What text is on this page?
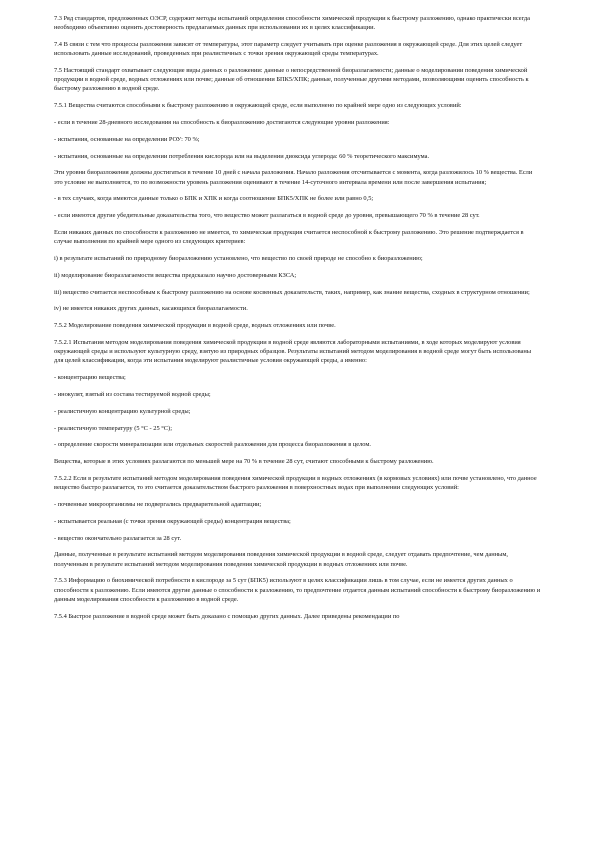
7.3 Ряд стандартов, предложенных ОЭСР, содержит методы испытаний определения способности химической продукции к быстрому разложению, однако практически всегда необходимо объективно оценить достоверность предлагаемых данных при использовании их в целях классификации.

7.4 В связи с тем что процессы разложения зависят от температуры, этот параметр следует учитывать при оценке разложения в окружающей среде. Для этих целей следует использовать данные исследований, проведенных при реалистичных с точки зрения окружающей среды температурах.

7.5 Настоящий стандарт охватывает следующие виды данных о разложении: данные о непосредственной биоразлагаемости; данные о моделировании поведения химической продукции в водной среде, водных отложениях или почве; данные об отношении БПК5/ХПК; данные, полученные другими методами, позволяющими оценить способность к быстрому разложению в водной среде.

7.5.1 Вещества считаются способными к быстрому разложению в окружающей среде, если выполнено по крайней мере одно из следующих условий:

- если в течение 28-дневного исследования на способность к биоразложению достигаются следующие уровни разложения:

- испытания, основанные на определении РОУ: 70 %;

- испытания, основанные на определении потребления кислорода или на выделении диоксида углерода: 60 % теоретического максимума.

Эти уровни биоразложения должны достигаться в течение 10 дней с начала разложения. Начало разложения отсчитывается с момента, когда разложилось 10 % вещества. Если это условие не выполняется, то по возможности уровень разложения оценивают в течение 14-суточного интервала времени или после завершения испытания;

- в тех случаях, когда имеются данные только о БПК и ХПК и когда соотношение БПК5/ХПК не более или равно 0,5;

- если имеются другие убедительные доказательства того, что вещество может разлагаться в водной среде до уровня, превышающего 70 % в течение 28 сут.

Если никаких данных по способности к разложению не имеется, то химическая продукция считается неспособной к быстрому разложению. Это решение подтверждается в случае выполнения по крайней мере одного из следующих критериев:

i) в результате испытаний по природному биоразложению установлено, что вещество по своей природе не способно к биоразложению;

ii) моделирование биоразлагаемости вещества предсказало научно достоверными КЗСА;

iii) вещество считается неспособным к быстрому разложению на основе косвенных доказательств, таких, например, как знание вещества, сходных в структурном отношении;

iv) не имеется никаких других данных, касающихся биоразлагаемости.

7.5.2 Моделирование поведения химической продукции в водной среде, водных отложениях или почве.

7.5.2.1 Испытания методом моделирования поведения химической продукции в водной среде являются лабораторными испытаниями, в ходе которых моделируют условия окружающей среды и используют культурную среду, взятую из природных образцов. Результаты испытаний методом моделирования в водной среде могут быть использованы для целей классификации, когда эти испытания моделируют реалистичные условия окружающей среды, а именно:

- концентрацию вещества;

- инокулят, взятый из состава тестируемой водной среды;

- реалистичную концентрацию культурной среды;

- реалистичную температуру (5 °С - 25 °С);

- определение скорости минерализации или отдельных скоростей разложения для процесса биоразложения в целом.

Вещества, которые в этих условиях разлагаются по меньшей мере на 70 % в течение 28 сут, считают способными к быстрому разложению.

7.5.2.2 Если в результате испытаний методом моделирования поведения химической продукции в водных отложениях (в кормовых условиях) или почве установлено, что данное вещество быстро разлагается, то это считается доказательством быстрого разложения в поверхностных водах при выполнении следующих условий:

- почвенные микроорганизмы не подвергались предварительной адаптации;

- испытывается реальная (с точки зрения окружающей среды) концентрация вещества;

- вещество окончательно разлагается за 28 сут.

Данные, полученные в результате испытаний методом моделирования поведения химической продукции в водной среде, следует отдавать предпочтение, чем данным, полученным в результате испытаний методом моделирования поведения химической продукции в водных отложениях или почве.

7.5.3 Информацию о биохимической потребности в кислороде за 5 сут (БПК5) используют в целях классификации лишь в том случае, если не имеется других данных о способности к разложению. Если имеются другие данные о способности к разложению, то предпочтение отдается данным испытаний способности к быстрому биоразложению и данным моделирования способности к разложению в водной среде.

7.5.4 Быстрое разложение в водной среде может быть доказано с помощью других данных. Далее приведены рекомендации по
